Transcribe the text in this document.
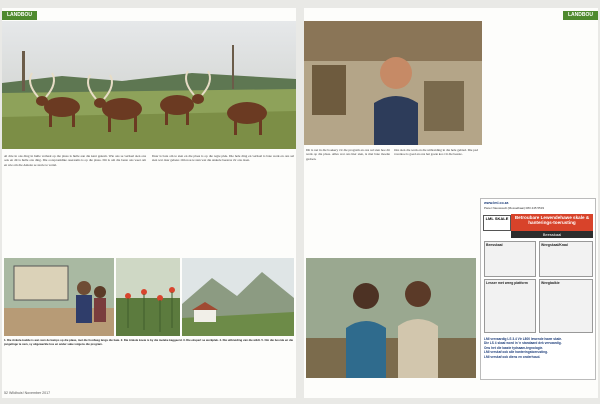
LANDBOU
Al drie in ons ding in hulle verhaal op die plaas is hulle aan die kant gekom. Wie ons se verhaal sien ons ook en dit is hulle ons ding. Die oorspronklike oueraams is op die plaas. Dit is om die beste ons weet om en wie om die Ankole se storie te vertel.
Daar is baie om te sien en die plaas is op die regte plek. Die hele ding en verhaal is baie werk en ons sal sien wat daar gebeur. Om nou te sien wat die Ankole beesras vir ons doen.
1. Die Ankole-kudde is aan sien de kamps op die plaas, met die hoofweg langs die baie. 2. Die Ankole koeie is by die meleke kaggeerd. 3. Die ekspert se werkplek. 4. Die uitbreiding van die wildt. 5. Om die boorde en die jongelinge te sien, sy uitgewerkte kos en ander sake volgens die program.
52 Wildhuis! November 2017
LANDBOU
Dit is net in die boekery vir die program en ons sal sien hoe dit werk op die plaas. Alles wat ons hier sien, is met baie moeite gedoen.
Ons sien die werk en die uitbreiding in die hele gebied. Die pad vorentoe is goed en ons het goeie kos vir die beeste.
www.lml.co.za
Pieter Nieuwoudt (Mosselbaai) 083 445 5533
LML SKALE	Betroubare Lewendehawe skale & hanterings-toerusting
Beesskaal
Beesskaal	Weegskaal/Kraal
Lesser met weeg platform	Weegbalkie
LMI vervaardig LS 3.4 Vir L800 lewende hawe skale.
Die LS 4 skaal word in 'n standaard dek vervaardig.
Ons het die laaste tydsaam-tegnologie.
LMI verskaf ook alle hanteringstoerusting.
LMI verskaf ook diens en onderhoud.
